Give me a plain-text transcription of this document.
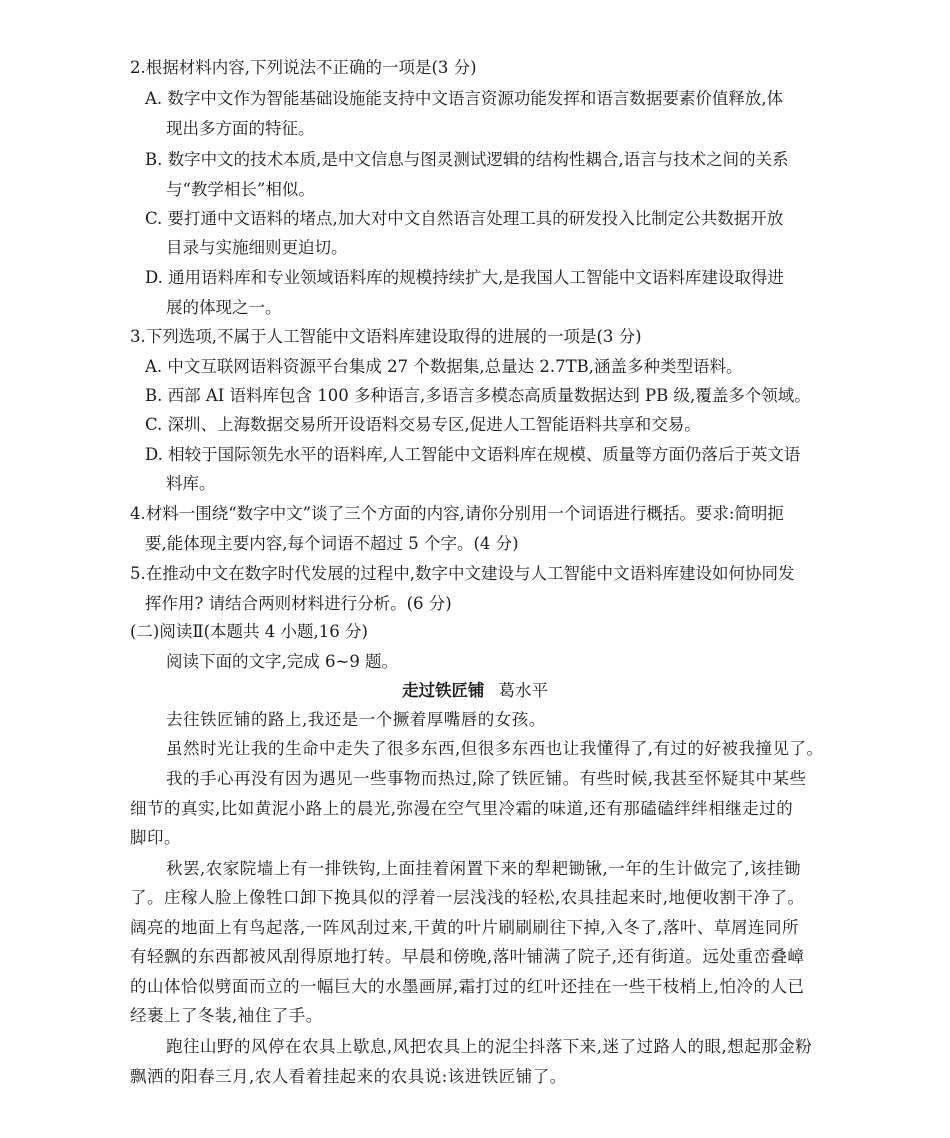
2.根据材料内容,下列说法不正确的一项是(3 分)
A. 数字中文作为智能基础设施能支持中文语言资源功能发挥和语言数据要素价值释放,体
现出多方面的特征。
B. 数字中文的技术本质,是中文信息与图灵测试逻辑的结构性耦合,语言与技术之间的关系
与“教学相长”相似。
C. 要打通中文语料的堵点,加大对中文自然语言处理工具的研发投入比制定公共数据开放
目录与实施细则更迫切。
D. 通用语料库和专业领域语料库的规模持续扩大,是我国人工智能中文语料库建设取得进
展的体现之一。
3.下列选项,不属于人工智能中文语料库建设取得的进展的一项是(3 分)
A. 中文互联网语料资源平台集成 27 个数据集,总量达 2.7TB,涵盖多种类型语料。
B. 西部 AI 语料库包含 100 多种语言,多语言多模态高质量数据达到 PB 级,覆盖多个领域。
C. 深圳、上海数据交易所开设语料交易专区,促进人工智能语料共享和交易。
D. 相较于国际领先水平的语料库,人工智能中文语料库在规模、质量等方面仍落后于英文语
料库。
4.材料一围绕“数字中文”谈了三个方面的内容,请你分别用一个词语进行概括。要求:简明扼
要,能体现主要内容,每个词语不超过 5 个字。(4 分)
5.在推动中文在数字时代发展的过程中,数字中文建设与人工智能中文语料库建设如何协同发
挥作用? 请结合两则材料进行分析。(6 分)
(二)阅读Ⅱ(本题共 4 小题,16 分)
阅读下面的文字,完成 6~9 题。
走过铁匠铺 葛水平
去往铁匠铺的路上,我还是一个撅着厚嘴唇的女孩。
虽然时光让我的生命中走失了很多东西,但很多东西也让我懂得了,有过的好被我撞见了。
我的手心再没有因为遇见一些事物而热过,除了铁匠铺。有些时候,我甚至怀疑其中某些
细节的真实,比如黄泥小路上的晨光,弥漫在空气里冷霜的味道,还有那磕磕绊绊相继走过的
脚印。
秋罢,农家院墙上有一排铁钩,上面挂着闲置下来的犁耙锄锹,一年的生计做完了,该挂锄
了。庄稼人脸上像牲口卸下挽具似的浮着一层浅浅的轻松,农具挂起来时,地便收割干净了。
阔亮的地面上有鸟起落,一阵风刮过来,干黄的叶片刷刷刷往下掉,入冬了,落叶、草屑连同所
有轻飘的东西都被风刮得原地打转。早晨和傍晚,落叶铺满了院子,还有街道。远处重峦叠嶂
的山体恰似劈面而立的一幅巨大的水墨画屏,霜打过的红叶还挂在一些干枝梢上,怕冷的人已
经裹上了冬装,袖住了手。
跑往山野的风停在农具上歇息,风把农具上的泥尘抖落下来,迷了过路人的眼,想起那金粉
飘洒的阳春三月,农人看着挂起来的农具说:该进铁匠铺了。
